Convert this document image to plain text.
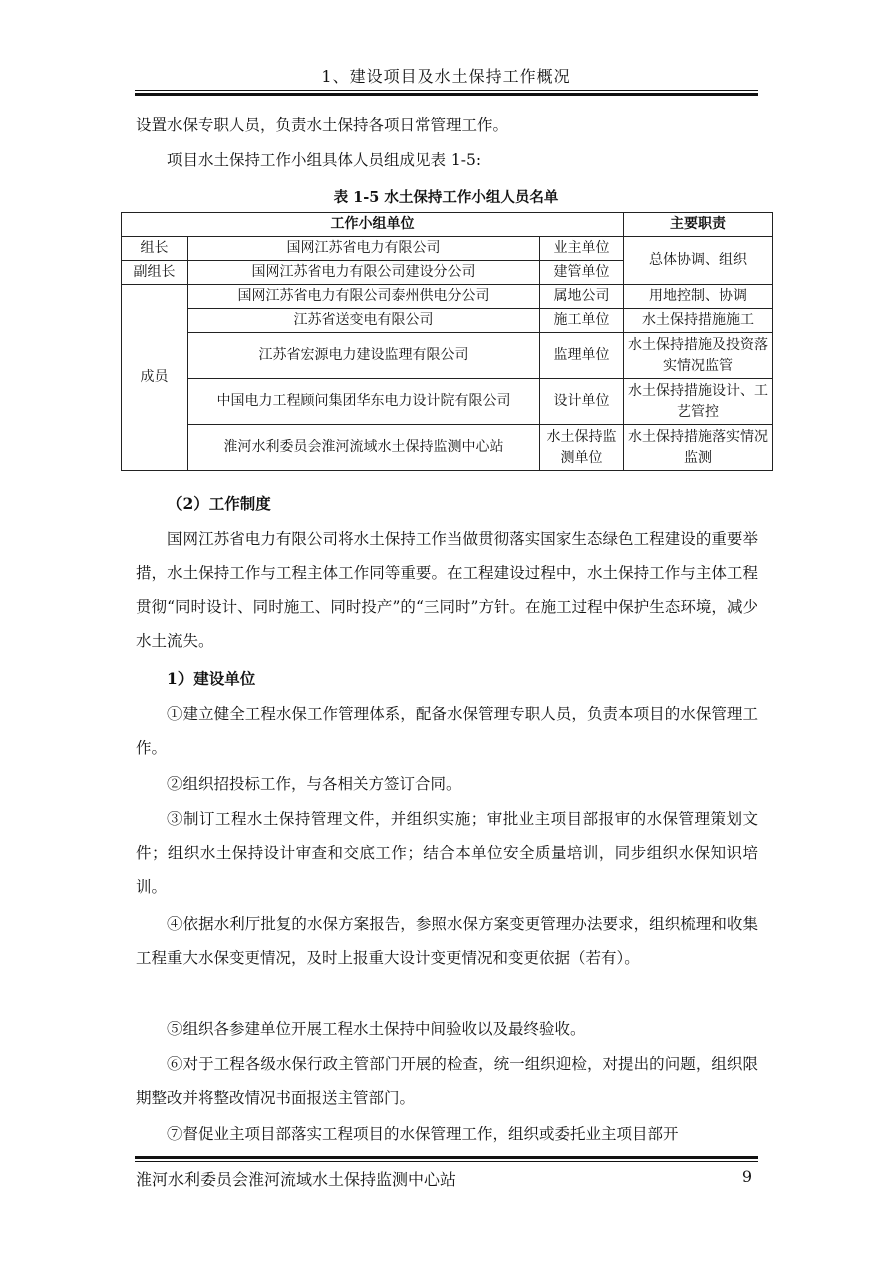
1、建设项目及水土保持工作概况
设置水保专职人员，负责水土保持各项日常管理工作。
项目水土保持工作小组具体人员组成见表 1-5:
表 1-5 水土保持工作小组人员名单
工作小组单位			主要职责
组长	国网江苏省电力有限公司	业主单位	总体协调、组织
副组长	国网江苏省电力有限公司建设分公司	建管单位	
成员	国网江苏省电力有限公司泰州供电分公司	属地公司	用地控制、协调
	江苏省送变电有限公司	施工单位	水土保持措施施工
	江苏省宏源电力建设监理有限公司	监理单位	水土保持措施及投资落实情况监管
	中国电力工程顾问集团华东电力设计院有限公司	设计单位	水土保持措施设计、工艺管控
	淮河水利委员会淮河流域水土保持监测中心站	水土保持监测单位	水土保持措施落实情况监测
（2）工作制度
国网江苏省电力有限公司将水土保持工作当做贯彻落实国家生态绿色工程建设的重要举措，水土保持工作与工程主体工作同等重要。在工程建设过程中，水土保持工作与主体工程贯彻“同时设计、同时施工、同时投产”的“三同时”方针。在施工过程中保护生态环境，减少水土流失。
1）建设单位
①建立健全工程水保工作管理体系，配备水保管理专职人员，负责本项目的水保管理工作。
②组织招投标工作，与各相关方签订合同。
③制订工程水土保持管理文件，并组织实施；审批业主项目部报审的水保管理策划文件；组织水土保持设计审查和交底工作；结合本单位安全质量培训，同步组织水保知识培训。
④依据水利厅批复的水保方案报告，参照水保方案变更管理办法要求，组织梳理和收集工程重大水保变更情况，及时上报重大设计变更情况和变更依据（若有）。
⑤组织各参建单位开展工程水土保持中间验收以及最终验收。
⑥对于工程各级水保行政主管部门开展的检查，统一组织迎检，对提出的问题，组织限期整改并将整改情况书面报送主管部门。
⑦督促业主项目部落实工程项目的水保管理工作，组织或委托业主项目部开
淮河水利委员会淮河流域水土保持监测中心站	9
